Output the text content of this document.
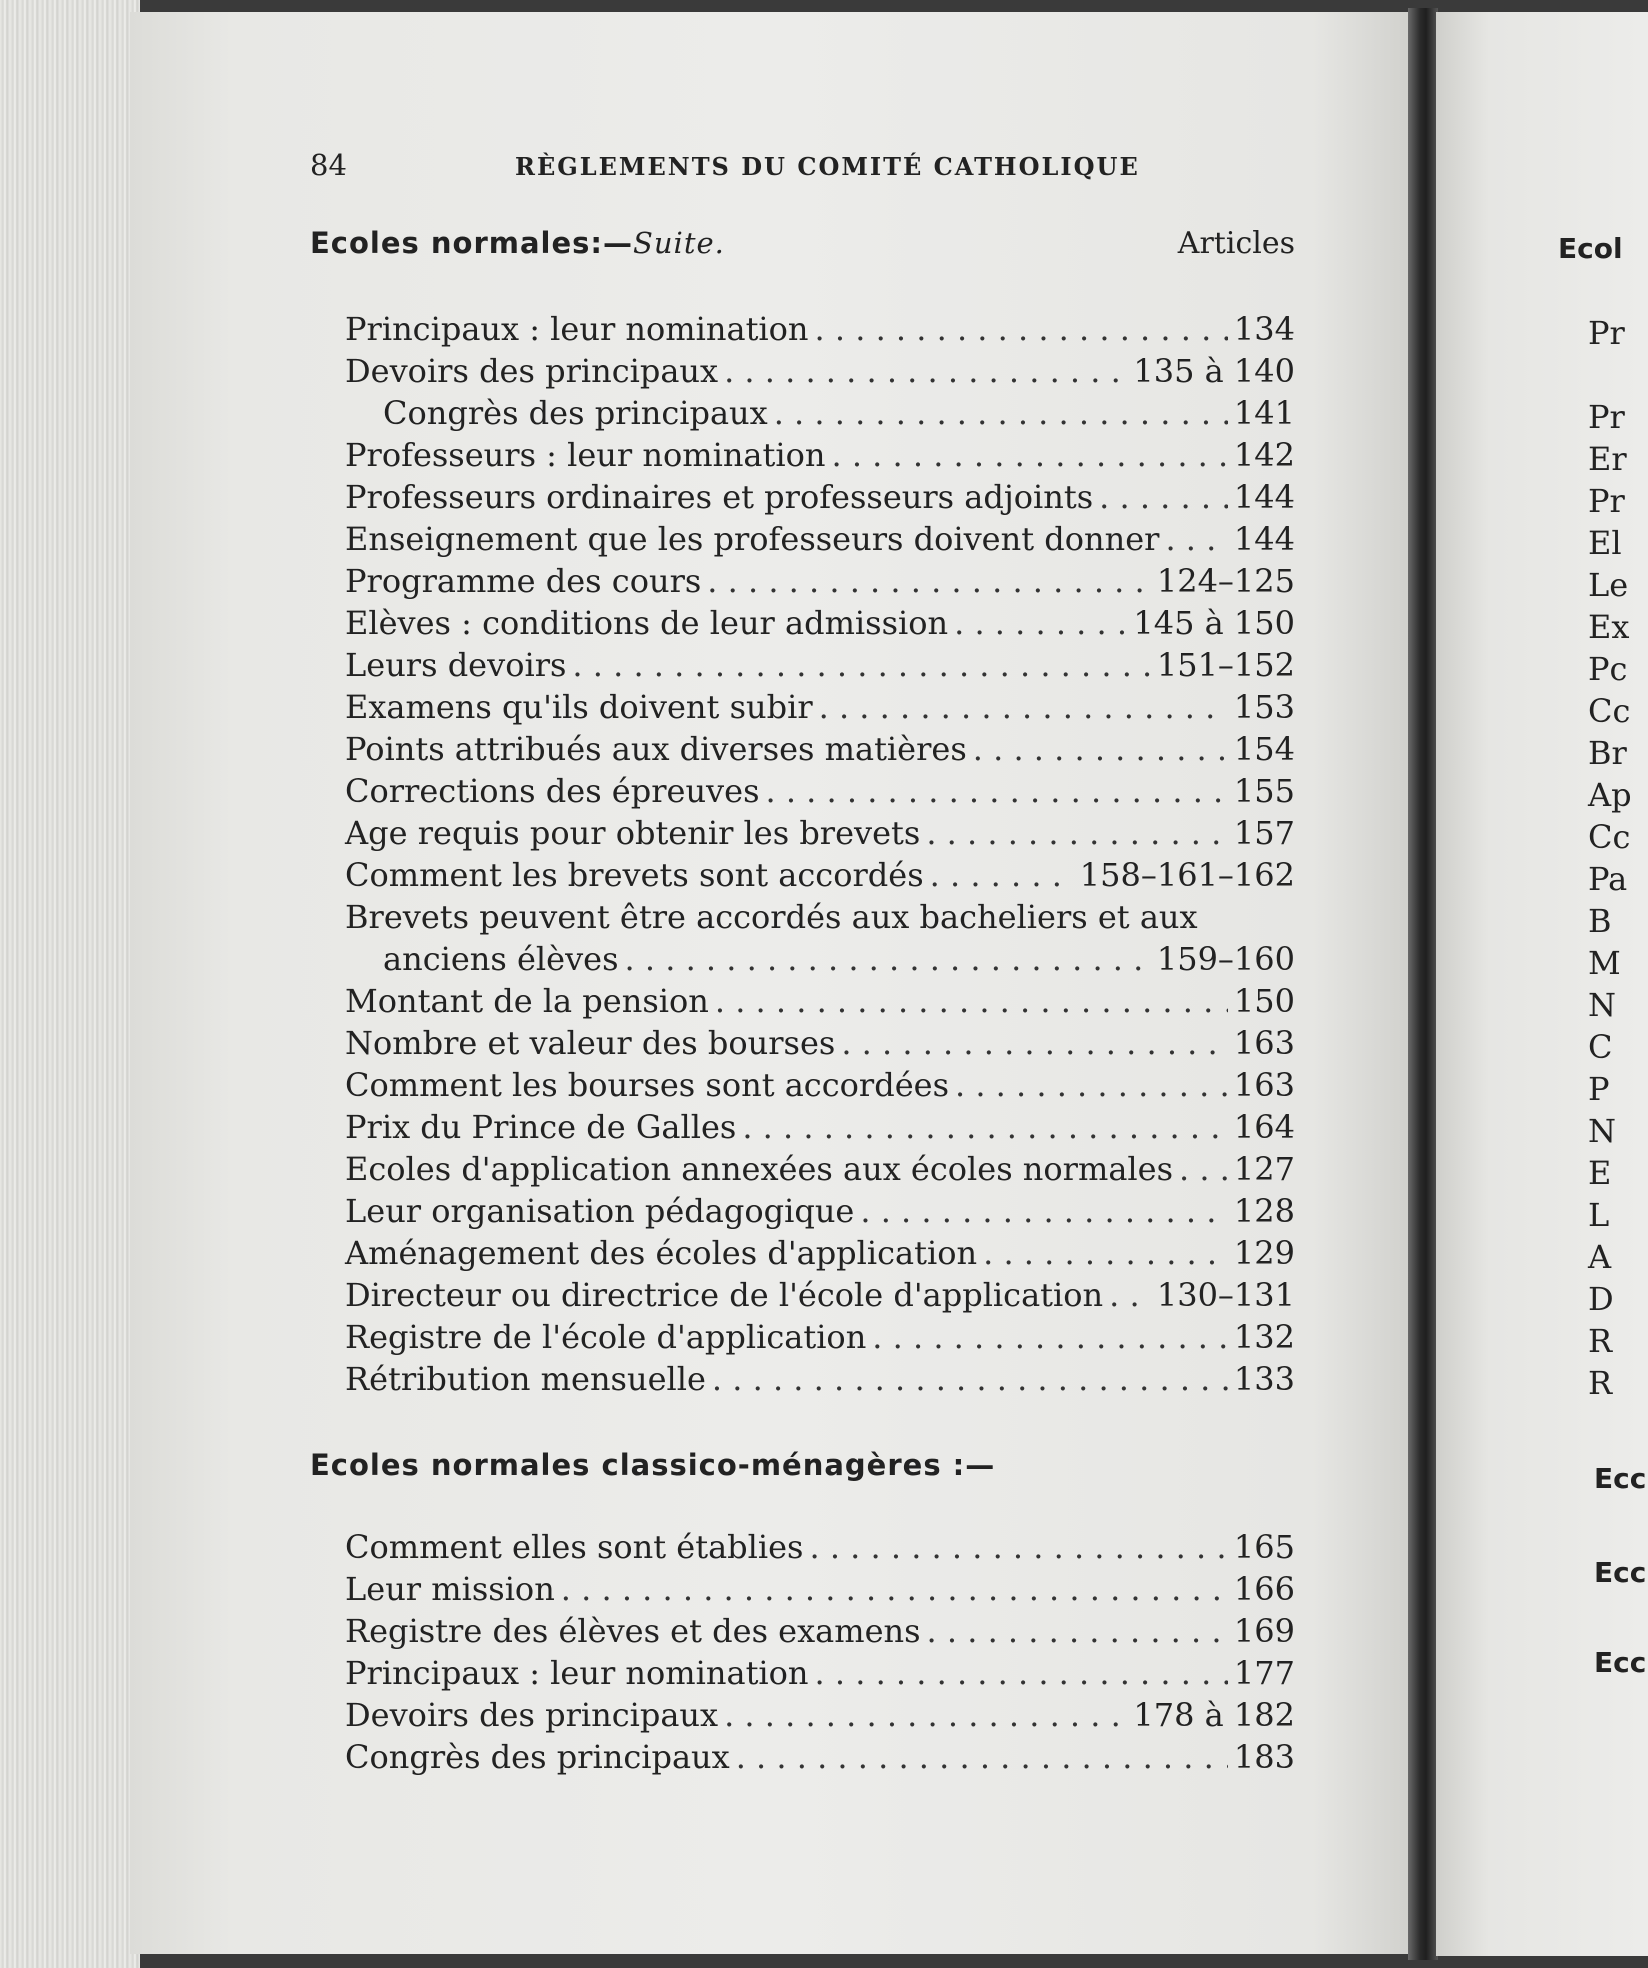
Ecol
Pr
Pr
Er
Pr
El
Le
Ex
Pc
Cc
Br
Ap
Cc
Pa
B
M
N
C
P
N
E
L
A
D
R
R
Ecc
Ecc
Ecc
84	RÈGLEMENTS DU COMITÉ CATHOLIQUE
Ecoles normales:—Suite.	Articles
Principaux : leur nomination . . .	134
Devoirs des principaux . . .	135 à 140
Congrès des principaux . . .	141
Professeurs : leur nomination . . .	142
Professeurs ordinaires et professeurs adjoints . . .	144
Enseignement que les professeurs doivent donner . . . 144
Programme des cours . . .	124–125
Elèves : conditions de leur admission . . .	145 à 150
Leurs devoirs . . .	151–152
Examens qu'ils doivent subir . . .	153
Points attribués aux diverses matières . . .	154
Corrections des épreuves . . .	155
Age requis pour obtenir les brevets . . .	157
Comment les brevets sont accordés . . .	158–161–162
Brevets peuvent être accordés aux bacheliers et aux
anciens élèves . . .	159–160
Montant de la pension . . .	150
Nombre et valeur des bourses . . .	163
Comment les bourses sont accordées . . .	163
Prix du Prince de Galles . . .	164
Ecoles d'application annexées aux écoles normales . . . 127
Leur organisation pédagogique . . .	128
Aménagement des écoles d'application . . .	129
Directeur ou directrice de l'école d'application . . . 130–131
Registre de l'école d'application . . .	132
Rétribution mensuelle . . .	133
Ecoles normales classico-ménagères :—
Comment elles sont établies . . .	165
Leur mission . . .	166
Registre des élèves et des examens . . .	169
Principaux : leur nomination . . .	177
Devoirs des principaux . . .	178 à 182
Congrès des principaux . . .	183
